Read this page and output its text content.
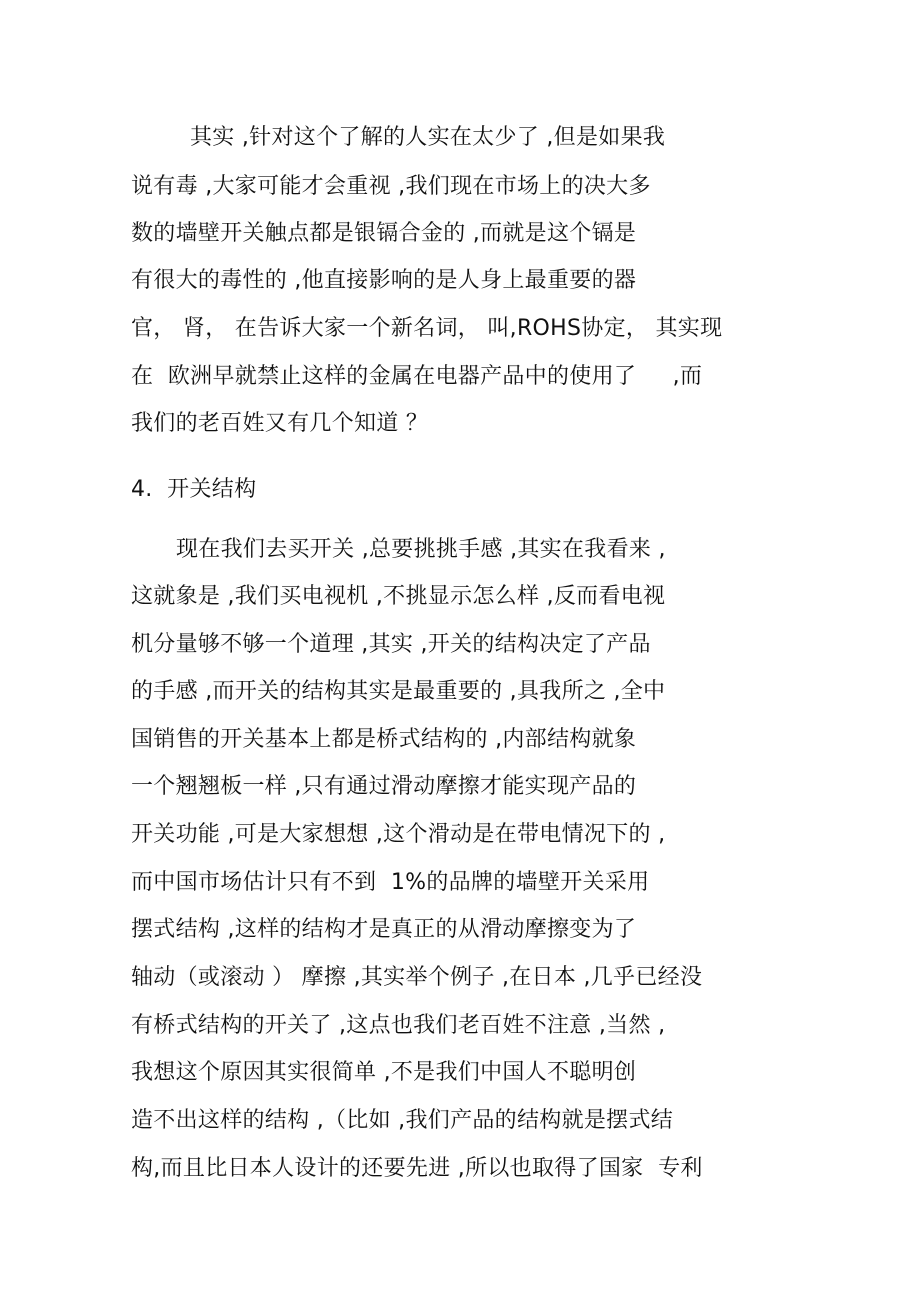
其实 ,针对这个了解的人实在太少了 ,但是如果我
说有毒 ,大家可能才会重视 ,我们现在市场上的决大多
数的墙壁开关触点都是银镉合金的 ,而就是这个镉是
有很大的毒性的 ,他直接影响的是人身上最重要的器
官， 肾， 在告诉大家一个新名词， 叫,ROHS协定， 其实现
在  欧洲早就禁止这样的金属在电器产品中的使用了     ,而
我们的老百姓又有几个知道 ？
4.  开关结构
现在我们去买开关 ,总要挑挑手感 ,其实在我看来 ,
这就象是 ,我们买电视机 ,不挑显示怎么样 ,反而看电视
机分量够不够一个道理 ,其实 ,开关的结构决定了产品
的手感 ,而开关的结构其实是最重要的 ,具我所之 ,全中
国销售的开关基本上都是桥式结构的 ,内部结构就象
一个翘翘板一样 ,只有通过滑动摩擦才能实现产品的
开关功能 ,可是大家想想 ,这个滑动是在带电情况下的 ,
而中国市场估计只有不到  1%的品牌的墙壁开关采用
摆式结构 ,这样的结构才是真正的从滑动摩擦变为了
轴动（或滚动 ） 摩擦 ,其实举个例子 ,在日本 ,几乎已经没
有桥式结构的开关了 ,这点也我们老百姓不注意 ,当然 ,
我想这个原因其实很简单 ,不是我们中国人不聪明创
造不出这样的结构 ,（比如 ,我们产品的结构就是摆式结
构,而且比日本人设计的还要先进 ,所以也取得了国家  专利
